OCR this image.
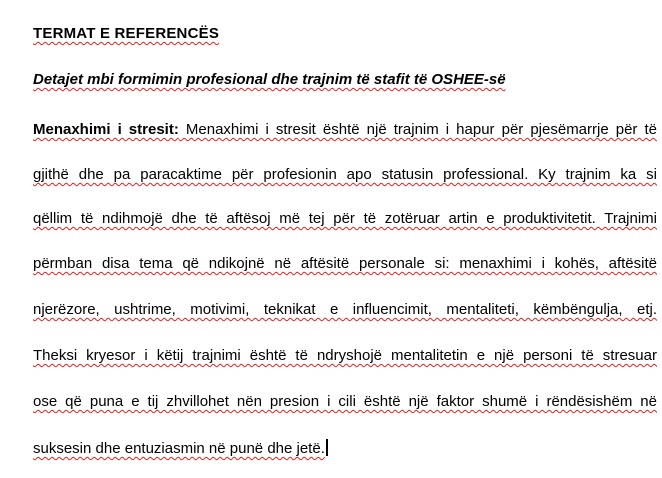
TERMAT E REFERENCËS
Detajet mbi formimin profesional dhe trajnim të stafit të OSHEE-së
Menaxhimi i stresit: Menaxhimi i stresit është një trajnim i hapur për pjesëmarrje për të
gjithë dhe pa paracaktime për profesionin apo statusin professional. Ky trajnim ka si
qëllim të ndihmojë dhe të aftësoj më tej për të zotëruar artin e produktivitetit. Trajnimi
përmban disa tema që ndikojnë në aftësitë personale si: menaxhimi i kohës, aftësitë
njerëzore, ushtrime, motivimi, teknikat e influencimit, mentaliteti, këmbëngulja, etj.
Theksi kryesor i këtij trajnimi është të ndryshojë mentalitetin e një personi të stresuar
ose që puna e tij zhvillohet nën presion i cili është një faktor shumë i rëndësishëm në
suksesin dhe entuziasmin në punë dhe jetë.
